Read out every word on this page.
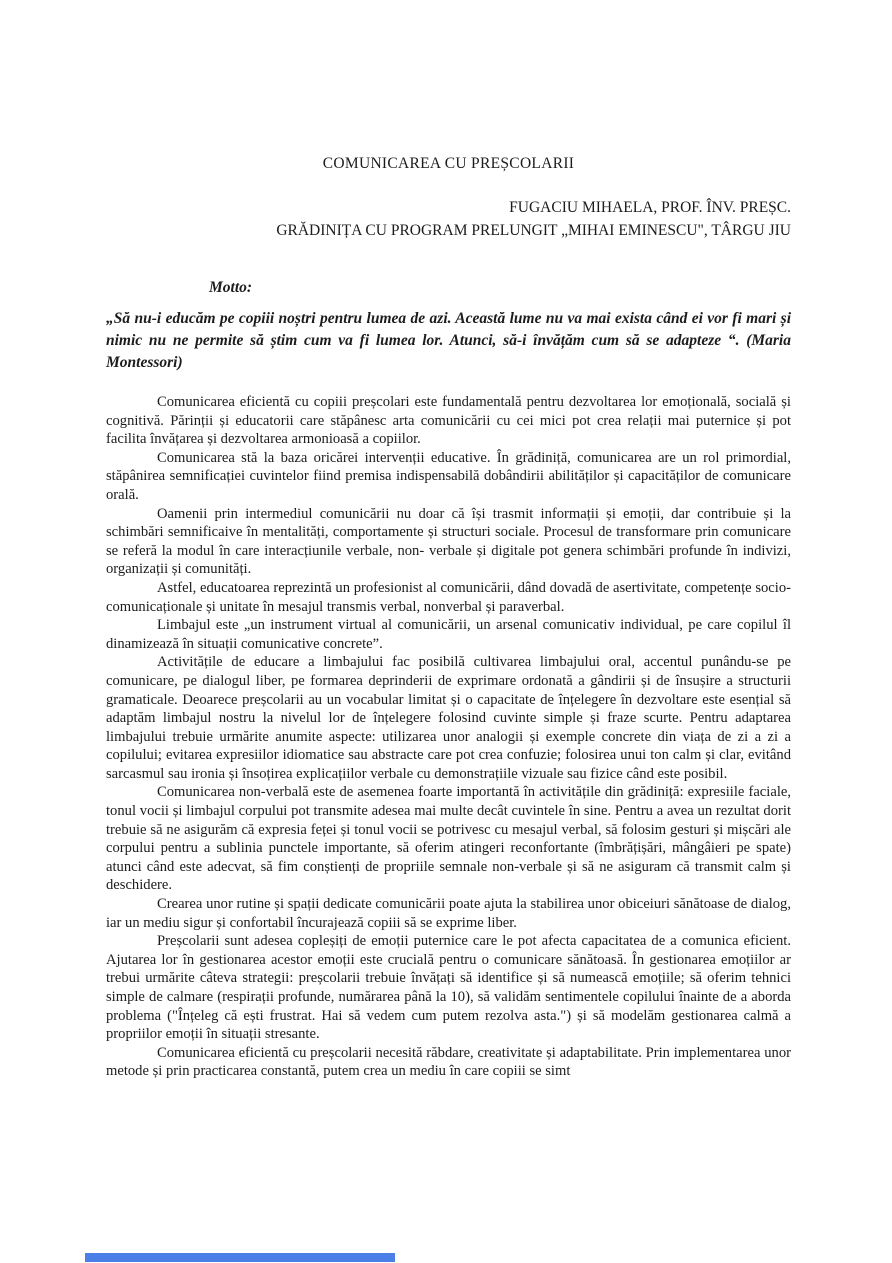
COMUNICAREA CU PREȘCOLARII
FUGACIU MIHAELA, PROF. ÎNV. PREȘC.
GRĂDINIȚA CU PROGRAM PRELUNGIT „MIHAI EMINESCU", TÂRGU JIU
Motto:
„Să nu-i educăm pe copiii noștri pentru lumea de azi. Această lume nu va mai exista când ei vor fi mari și nimic nu ne permite să știm cum va fi lumea lor. Atunci, să-i învățăm cum să se adapteze “. (Maria Montessori)

Comunicarea eficientă cu copiii preșcolari este fundamentală pentru dezvoltarea lor emoțională, socială și cognitivă. Părinții și educatorii care stăpânesc arta comunicării cu cei mici pot crea relații mai puternice și pot facilita învățarea și dezvoltarea armonioasă a copiilor.

Comunicarea stă la baza oricărei intervenții educative. În grădiniță, comunicarea are un rol primordial, stăpânirea semnificației cuvintelor fiind premisa indispensabilă dobândirii abilităților și capacităților de comunicare orală.

Oamenii prin intermediul comunicării nu doar că își trasmit informații și emoții, dar contribuie și la schimbări semnificaive în mentalități, comportamente și structuri sociale. Procesul de transformare prin comunicare se referă la modul în care interacțiunile verbale, non- verbale și digitale pot genera schimbări profunde în indivizi, organizații și comunități.

Astfel, educatoarea reprezintă un profesionist al comunicării, dând dovadă de asertivitate, competențe socio-comunicaționale și unitate în mesajul transmis verbal, nonverbal și paraverbal.

Limbajul este „un instrument virtual al comunicării, un arsenal comunicativ individual, pe care copilul îl dinamizează în situații comunicative concrete”.

Activitățile de educare a limbajului fac posibilă cultivarea limbajului oral, accentul punându-se pe comunicare, pe dialogul liber, pe formarea deprinderii de exprimare ordonată a gândirii și de însușire a structurii gramaticale. Deoarece preșcolarii au un vocabular limitat și o capacitate de înțelegere în dezvoltare este esențial să adaptăm limbajul nostru la nivelul lor de înțelegere folosind cuvinte simple și fraze scurte. Pentru adaptarea limbajului trebuie urmărite anumite aspecte: utilizarea unor analogii și exemple concrete din viața de zi a zi a copilului; evitarea expresiilor idiomatice sau abstracte care pot crea confuzie; folosirea unui ton calm și clar, evitând sarcasmul sau ironia și însoțirea explicațiilor verbale cu demonstrațiile vizuale sau fizice când este posibil.

Comunicarea non-verbală este de asemenea foarte importantă în activitățile din grădiniță: expresiile faciale, tonul vocii și limbajul corpului pot transmite adesea mai multe decât cuvintele în sine. Pentru a avea un rezultat dorit trebuie să ne asigurăm că expresia feței și tonul vocii se potrivesc cu mesajul verbal, să folosim gesturi și mișcări ale corpului pentru a sublinia punctele importante, să oferim atingeri reconfortante (îmbrățișări, mângâieri pe spate) atunci când este adecvat, să fim conștienți de propriile semnale non-verbale și să ne asiguram că transmit calm și deschidere.

Crearea unor rutine și spații dedicate comunicării poate ajuta la stabilirea unor obiceiuri sănătoase de dialog, iar un mediu sigur și confortabil încurajează copiii să se exprime liber.

Preșcolarii sunt adesea copleșiți de emoții puternice care le pot afecta capacitatea de a comunica eficient. Ajutarea lor în gestionarea acestor emoții este crucială pentru o comunicare sănătoasă. În gestionarea emoțiilor ar trebui urmărite câteva strategii: preșcolarii trebuie învățați să identifice și să numească emoțiile; să oferim tehnici simple de calmare (respirații profunde, numărarea până la 10), să validăm sentimentele copilului înainte de a aborda problema ("Înțeleg că ești frustrat. Hai să vedem cum putem rezolva asta.") și să modelăm gestionarea calmă a propriilor emoții în situații stresante.

Comunicarea eficientă cu preșcolarii necesită răbdare, creativitate și adaptabilitate. Prin implementarea unor metode și prin practicarea constantă, putem crea un mediu în care copiii se simt
